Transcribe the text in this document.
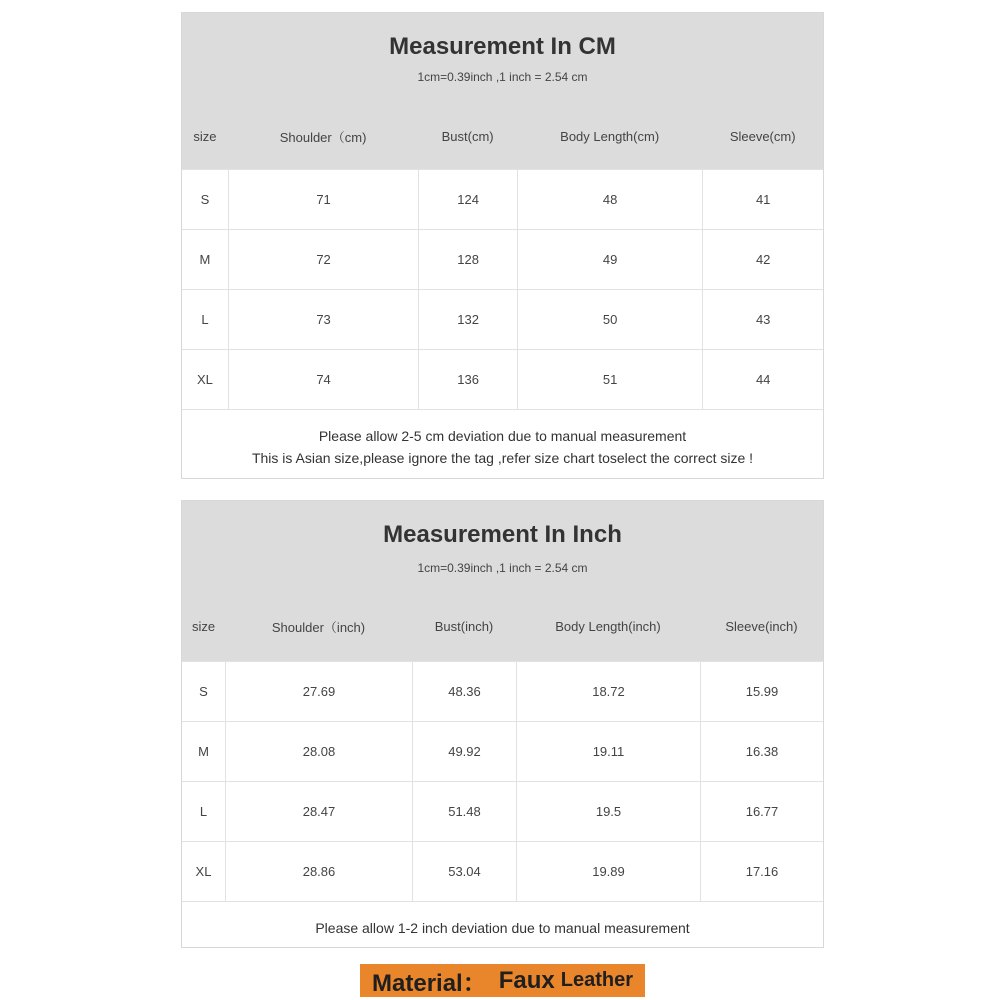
Measurement In CM
1cm=0.39inch ,1 inch = 2.54 cm
size	Shoulder（cm)	Bust(cm)	Body Length(cm)	Sleeve(cm)
S	71	124	48	41
M	72	128	49	42
L	73	132	50	43
XL	74	136	51	44
Please allow 2-5 cm deviation due to manual measurement
This is Asian size,please ignore the tag ,refer size chart toselect the correct size !
Measurement In Inch
1cm=0.39inch ,1 inch = 2.54 cm
size	Shoulder（inch)	Bust(inch)	Body Length(inch)	Sleeve(inch)
S	27.69	48.36	18.72	15.99
M	28.08	49.92	19.11	16.38
L	28.47	51.48	19.5	16.77
XL	28.86	53.04	19.89	17.16
Please allow 1-2 inch deviation due to manual measurement
Material： Faux Leather
